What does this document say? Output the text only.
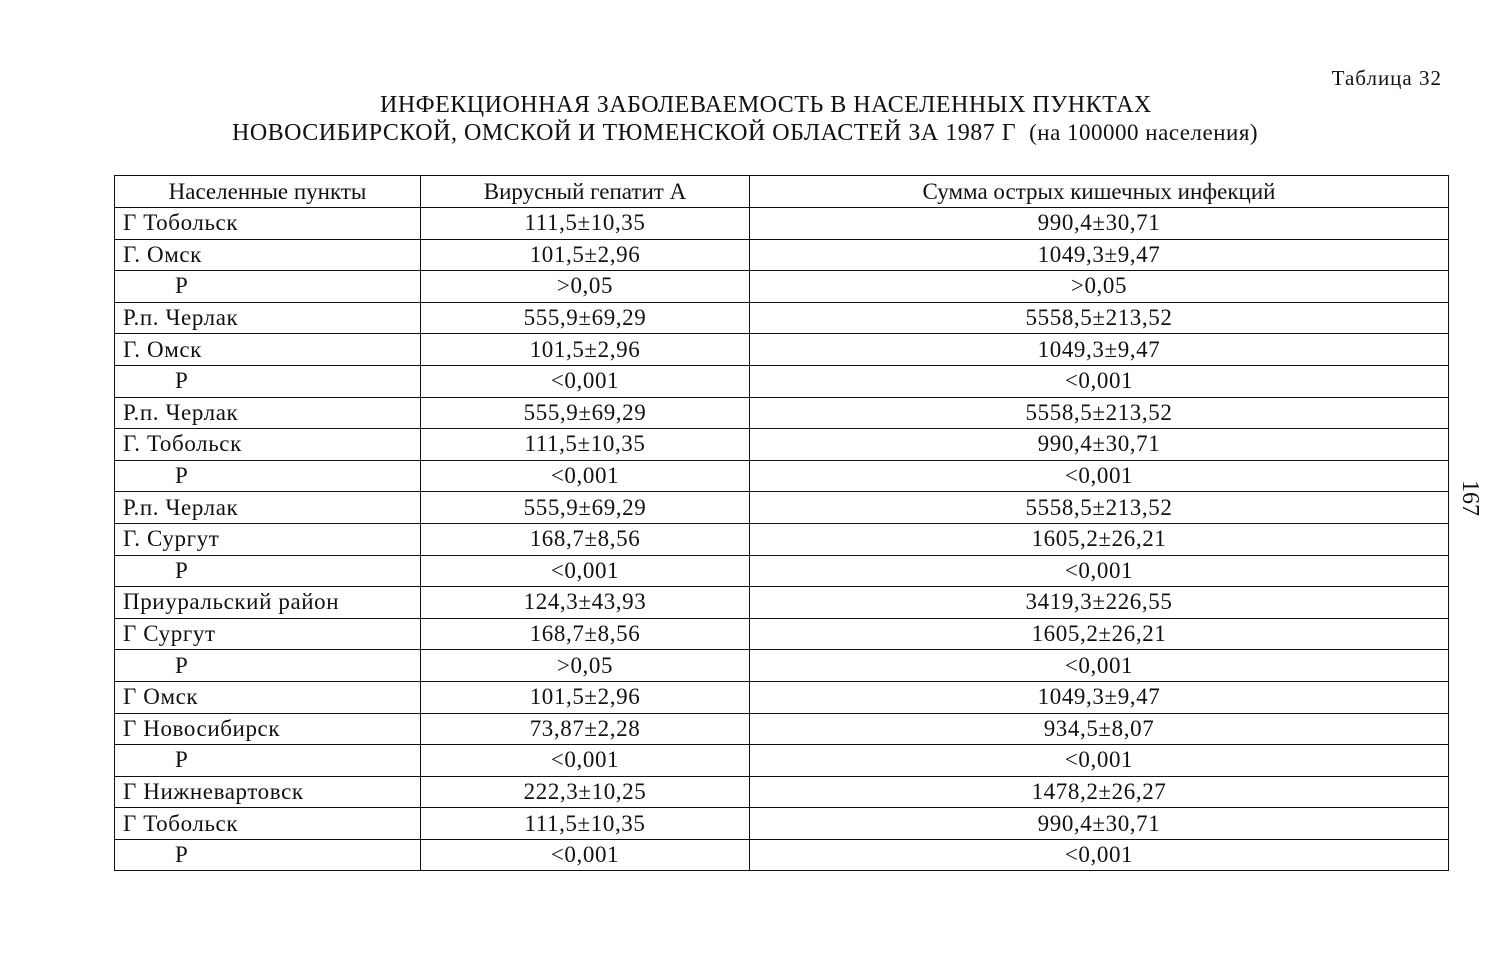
Таблица 32
ИНФЕКЦИОННАЯ ЗАБОЛЕВАЕМОСТЬ В НАСЕЛЕННЫХ ПУНКТАХ
НОВОСИБИРСКОЙ, ОМСКОЙ И ТЮМЕНСКОЙ ОБЛАСТЕЙ ЗА 1987 Г (на 100000 населения)
167
Населенные пункты	Вирусный гепатит А	Сумма острых кишечных инфекций
Г Тобольск	111,5±10,35	990,4±30,71
Г. Омск	101,5±2,96	1049,3±9,47
Р	>0,05	>0,05
Р.п. Черлак	555,9±69,29	5558,5±213,52
Г. Омск	101,5±2,96	1049,3±9,47
Р	<0,001	<0,001
Р.п. Черлак	555,9±69,29	5558,5±213,52
Г. Тобольск	111,5±10,35	990,4±30,71
Р	<0,001	<0,001
Р.п. Черлак	555,9±69,29	5558,5±213,52
Г. Сургут	168,7±8,56	1605,2±26,21
Р	<0,001	<0,001
Приуральский район	124,3±43,93	3419,3±226,55
Г Сургут	168,7±8,56	1605,2±26,21
Р	>0,05	<0,001
Г Омск	101,5±2,96	1049,3±9,47
Г Новосибирск	73,87±2,28	934,5±8,07
Р	<0,001	<0,001
Г Нижневартовск	222,3±10,25	1478,2±26,27
Г Тобольск	111,5±10,35	990,4±30,71
Р	<0,001	<0,001
